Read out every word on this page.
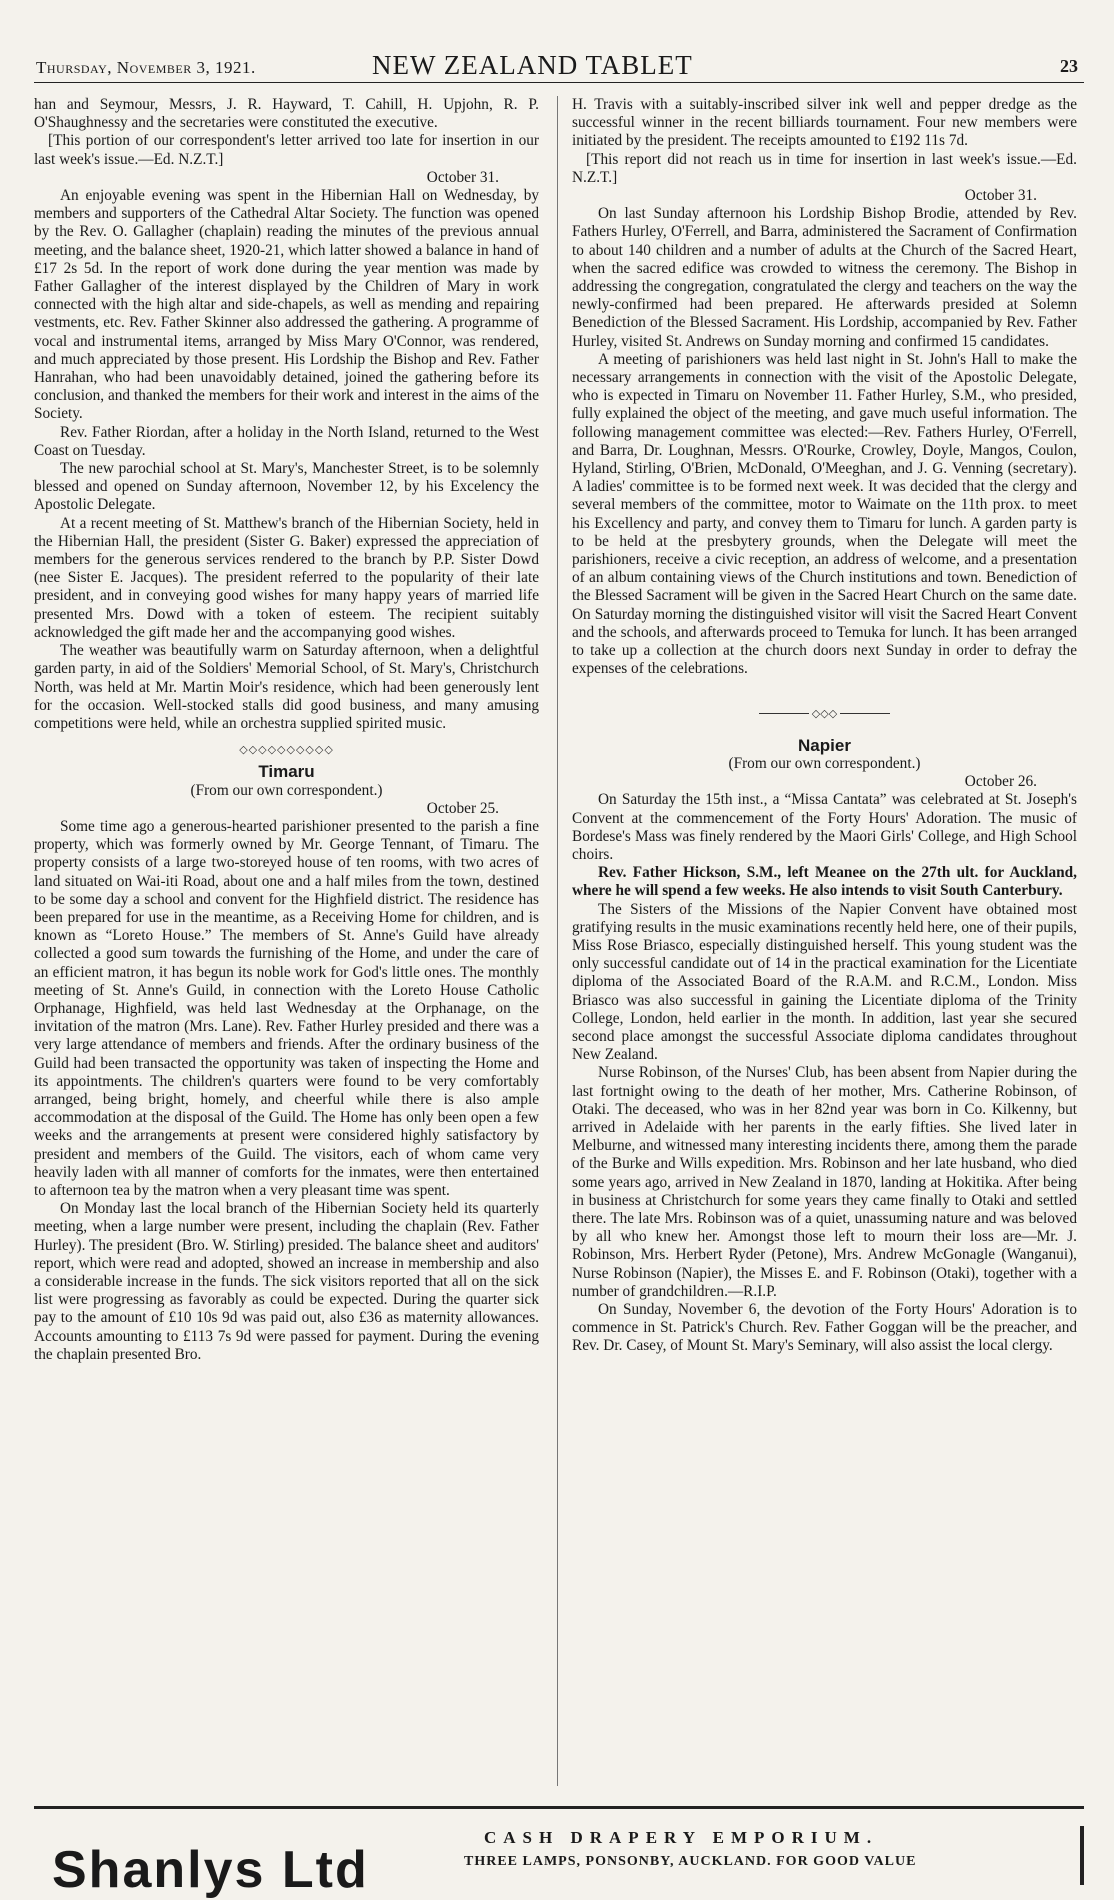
Thursday, November 3, 1921.	NEW ZEALAND TABLET	23

han and Seymour, Messrs, J. R. Hayward, T. Cahill, H. Upjohn, R. P. O'Shaughnessy and the secretaries were constituted the executive.

[This portion of our correspondent's letter arrived too late for insertion in our last week's issue.—Ed. N.Z.T.]

October 31.

An enjoyable evening was spent in the Hibernian Hall on Wednesday, by members and supporters of the Cathedral Altar Society. The function was opened by the Rev. O. Gallagher (chaplain) reading the minutes of the previous annual meeting, and the balance sheet, 1920-21, which latter showed a balance in hand of £17 2s 5d. In the report of work done during the year mention was made by Father Gallagher of the interest displayed by the Children of Mary in work connected with the high altar and side-chapels, as well as mending and repairing vestments, etc. Rev. Father Skinner also addressed the gathering. A programme of vocal and instrumental items, arranged by Miss Mary O'Connor, was rendered, and much appreciated by those present. His Lordship the Bishop and Rev. Father Hanrahan, who had been unavoidably detained, joined the gathering before its conclusion, and thanked the members for their work and interest in the aims of the Society.

Rev. Father Riordan, after a holiday in the North Island, returned to the West Coast on Tuesday.

The new parochial school at St. Mary's, Manchester Street, is to be solemnly blessed and opened on Sunday afternoon, November 12, by his Excelency the Apostolic Delegate.

At a recent meeting of St. Matthew's branch of the Hibernian Society, held in the Hibernian Hall, the president (Sister G. Baker) expressed the appreciation of members for the generous services rendered to the branch by P.P. Sister Dowd (nee Sister E. Jacques). The president referred to the popularity of their late president, and in conveying good wishes for many happy years of married life presented Mrs. Dowd with a token of esteem. The recipient suitably acknowledged the gift made her and the accompanying good wishes.

The weather was beautifully warm on Saturday afternoon, when a delightful garden party, in aid of the Soldiers' Memorial School, of St. Mary's, Christchurch North, was held at Mr. Martin Moir's residence, which had been generously lent for the occasion. Well-stocked stalls did good business, and many amusing competitions were held, while an orchestra supplied spirited music.

◇◇◇◇◇◇◇◇◇◇
Timaru
(From our own correspondent.)
October 25.

Some time ago a generous-hearted parishioner presented to the parish a fine property, which was formerly owned by Mr. George Tennant, of Timaru. The property consists of a large two-storeyed house of ten rooms, with two acres of land situated on Wai-iti Road, about one and a half miles from the town, destined to be some day a school and convent for the Highfield district. The residence has been prepared for use in the meantime, as a Receiving Home for children, and is known as “Loreto House.” The members of St. Anne's Guild have already collected a good sum towards the furnishing of the Home, and under the care of an efficient matron, it has begun its noble work for God's little ones. The monthly meeting of St. Anne's Guild, in connection with the Loreto House Catholic Orphanage, Highfield, was held last Wednesday at the Orphanage, on the invitation of the matron (Mrs. Lane). Rev. Father Hurley presided and there was a very large attendance of members and friends. After the ordinary business of the Guild had been transacted the opportunity was taken of inspecting the Home and its appointments. The children's quarters were found to be very comfortably arranged, being bright, homely, and cheerful while there is also ample accommodation at the disposal of the Guild. The Home has only been open a few weeks and the arrangements at present were considered highly satisfactory by president and members of the Guild. The visitors, each of whom came very heavily laden with all manner of comforts for the inmates, were then entertained to afternoon tea by the matron when a very pleasant time was spent.

On Monday last the local branch of the Hibernian Society held its quarterly meeting, when a large number were present, including the chaplain (Rev. Father Hurley). The president (Bro. W. Stirling) presided. The balance sheet and auditors' report, which were read and adopted, showed an increase in membership and also a considerable increase in the funds. The sick visitors reported that all on the sick list were progressing as favorably as could be expected. During the quarter sick pay to the amount of £10 10s 9d was paid out, also £36 as maternity allowances. Accounts amounting to £113 7s 9d were passed for payment. During the evening the chaplain presented Bro.

H. Travis with a suitably-inscribed silver ink well and pepper dredge as the successful winner in the recent billiards tournament. Four new members were initiated by the president. The receipts amounted to £192 11s 7d.

[This report did not reach us in time for insertion in last week's issue.—Ed. N.Z.T.]

October 31.

On last Sunday afternoon his Lordship Bishop Brodie, attended by Rev. Fathers Hurley, O'Ferrell, and Barra, administered the Sacrament of Confirmation to about 140 children and a number of adults at the Church of the Sacred Heart, when the sacred edifice was crowded to witness the ceremony. The Bishop in addressing the congregation, congratulated the clergy and teachers on the way the newly-confirmed had been prepared. He afterwards presided at Solemn Benediction of the Blessed Sacrament. His Lordship, accompanied by Rev. Father Hurley, visited St. Andrews on Sunday morning and confirmed 15 candidates.

A meeting of parishioners was held last night in St. John's Hall to make the necessary arrangements in connection with the visit of the Apostolic Delegate, who is expected in Timaru on November 11. Father Hurley, S.M., who presided, fully explained the object of the meeting, and gave much useful information. The following management committee was elected:—Rev. Fathers Hurley, O'Ferrell, and Barra, Dr. Loughnan, Messrs. O'Rourke, Crowley, Doyle, Mangos, Coulon, Hyland, Stirling, O'Brien, McDonald, O'Meeghan, and J. G. Venning (secretary). A ladies' committee is to be formed next week. It was decided that the clergy and several members of the committee, motor to Waimate on the 11th prox. to meet his Excellency and party, and convey them to Timaru for lunch. A garden party is to be held at the presbytery grounds, when the Delegate will meet the parishioners, receive a civic reception, an address of welcome, and a presentation of an album containing views of the Church institutions and town. Benediction of the Blessed Sacrament will be given in the Sacred Heart Church on the same date. On Saturday morning the distinguished visitor will visit the Sacred Heart Convent and the schools, and afterwards proceed to Temuka for lunch. It has been arranged to take up a collection at the church doors next Sunday in order to defray the expenses of the celebrations.

◇◇◇
Napier
(From our own correspondent.)
October 26.

On Saturday the 15th inst., a “Missa Cantata” was celebrated at St. Joseph's Convent at the commencement of the Forty Hours' Adoration. The music of Bordese's Mass was finely rendered by the Maori Girls' College, and High School choirs.

Rev. Father Hickson, S.M., left Meanee on the 27th ult. for Auckland, where he will spend a few weeks. He also intends to visit South Canterbury.

The Sisters of the Missions of the Napier Convent have obtained most gratifying results in the music examinations recently held here, one of their pupils, Miss Rose Briasco, especially distinguished herself. This young student was the only successful candidate out of 14 in the practical examination for the Licentiate diploma of the Associated Board of the R.A.M. and R.C.M., London. Miss Briasco was also successful in gaining the Licentiate diploma of the Trinity College, London, held earlier in the month. In addition, last year she secured second place amongst the successful Associate diploma candidates throughout New Zealand.

Nurse Robinson, of the Nurses' Club, has been absent from Napier during the last fortnight owing to the death of her mother, Mrs. Catherine Robinson, of Otaki. The deceased, who was in her 82nd year was born in Co. Kilkenny, but arrived in Adelaide with her parents in the early fifties. She lived later in Melburne, and witnessed many interesting incidents there, among them the parade of the Burke and Wills expedition. Mrs. Robinson and her late husband, who died some years ago, arrived in New Zealand in 1870, landing at Hokitika. After being in business at Christchurch for some years they came finally to Otaki and settled there. The late Mrs. Robinson was of a quiet, unassuming nature and was beloved by all who knew her. Amongst those left to mourn their loss are—Mr. J. Robinson, Mrs. Herbert Ryder (Petone), Mrs. Andrew McGonagle (Wanganui), Nurse Robinson (Napier), the Misses E. and F. Robinson (Otaki), together with a number of grandchildren.—R.I.P.

On Sunday, November 6, the devotion of the Forty Hours' Adoration is to commence in St. Patrick's Church. Rev. Father Goggan will be the preacher, and Rev. Dr. Casey, of Mount St. Mary's Seminary, will also assist the local clergy.

Shanlys Ltd
CASH DRAPERY EMPORIUM.
THREE LAMPS, PONSONBY, AUCKLAND. FOR GOOD VALUE
